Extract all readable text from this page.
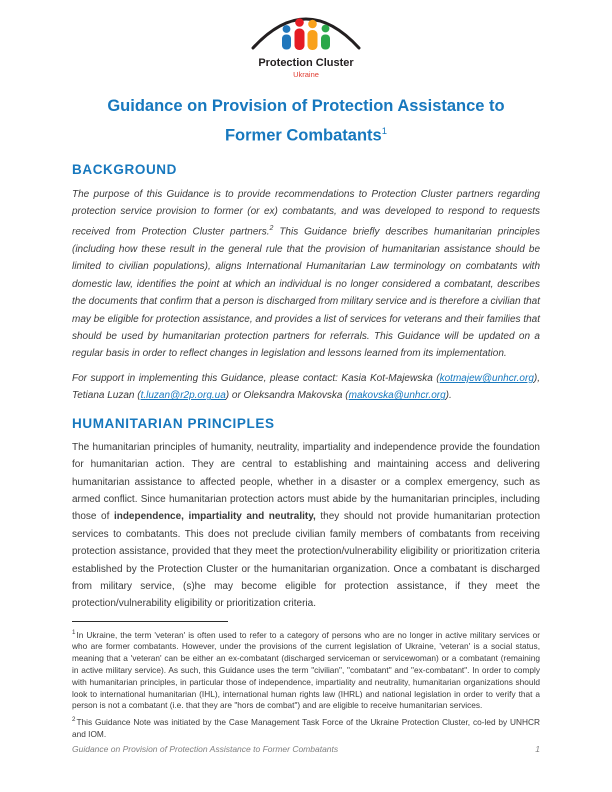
Protection Cluster
Ukraine
Guidance on Provision of Protection Assistance to
Former Combatants$^1$
BACKGROUND

The purpose of this Guidance is to provide recommendations to Protection Cluster partners regarding protection service provision to former (or ex) combatants, and was developed to respond to requests received from Protection Cluster partners.$^2$ This Guidance briefly describes humanitarian principles (including how these result in the general rule that the provision of humanitarian assistance should be limited to civilian populations), aligns International Humanitarian Law terminology on combatants with domestic law, identifies the point at which an individual is no longer considered a combatant, describes the documents that confirm that a person is discharged from military service and is therefore a civilian that may be eligible for protection assistance, and provides a list of services for veterans and their families that should be used by humanitarian protection partners for referrals. This Guidance will be updated on a regular basis in order to reflect changes in legislation and lessons learned from its implementation.

For support in implementing this Guidance, please contact: Kasia Kot-Majewska (kotmajew@unhcr.org), Tetiana Luzan (t.luzan@r2p.org.ua) or Oleksandra Makovska (makovska@unhcr.org).

HUMANITARIAN PRINCIPLES

The humanitarian principles of humanity, neutrality, impartiality and independence provide the foundation for humanitarian action. They are central to establishing and maintaining access and delivering humanitarian assistance to affected people, whether in a disaster or a complex emergency, such as armed conflict. Since humanitarian protection actors must abide by the humanitarian principles, including those of independence, impartiality and neutrality, they should not provide humanitarian protection services to combatants. This does not preclude civilian family members of combatants from receiving protection assistance, provided that they meet the protection/vulnerability eligibility or prioritization criteria established by the Protection Cluster or the humanitarian organization. Once a combatant is discharged from military service, (s)he may become eligible for protection assistance, if they meet the protection/vulnerability eligibility or prioritization criteria.

$^1$In Ukraine, the term 'veteran' is often used to refer to a category of persons who are no longer in active military services or who are former combatants. However, under the provisions of the current legislation of Ukraine, 'veteran' is a social status, meaning that a 'veteran' can be either an ex-combatant (discharged serviceman or servicewoman) or a combatant (remaining in active military service). As such, this Guidance uses the term "civilian", "combatant" and "ex-combatant". In order to comply with humanitarian principles, in particular those of independence, impartiality and neutrality, humanitarian organizations should look to international humanitarian (IHL), international human rights law (IHRL) and national legislation in order to verify that a person is not a combatant (i.e. that they are "hors de combat") and are eligible to receive humanitarian services.

$^2$This Guidance Note was initiated by the Case Management Task Force of the Ukraine Protection Cluster, co-led by UNHCR and IOM.

Guidance on Provision of Protection Assistance to Former Combatants	1
